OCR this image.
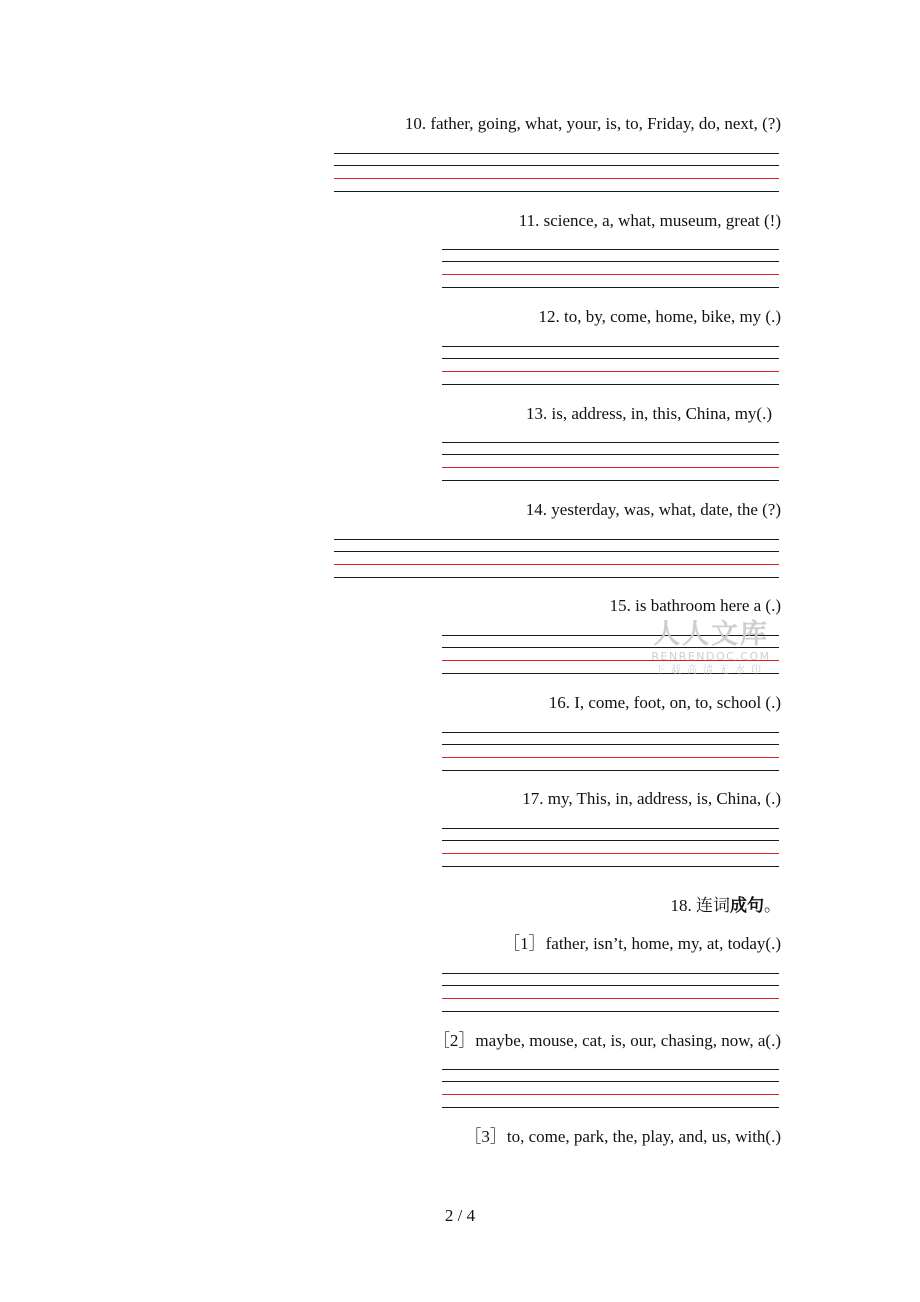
10. father, going, what, your, is, to, Friday, do, next, (?)
11. science, a, what, museum, great (!)
12. to, by, come, home, bike, my (.)
13. is, address, in, this, China, my(.)
14. yesterday, was, what, date, the (?)
15. is bathroom here a (.)
人人文库
RENRENDOC.COM
下载高清无水印
16. I, come, foot, on, to, school (.)
17. my, This, in, address, is, China, (.)
18. 连词成句。
［1］father, isn’t, home, my, at, today(.)
［2］maybe, mouse, cat, is, our, chasing, now, a(.)
［3］to, come, park, the, play, and, us, with(.)
2 / 4
